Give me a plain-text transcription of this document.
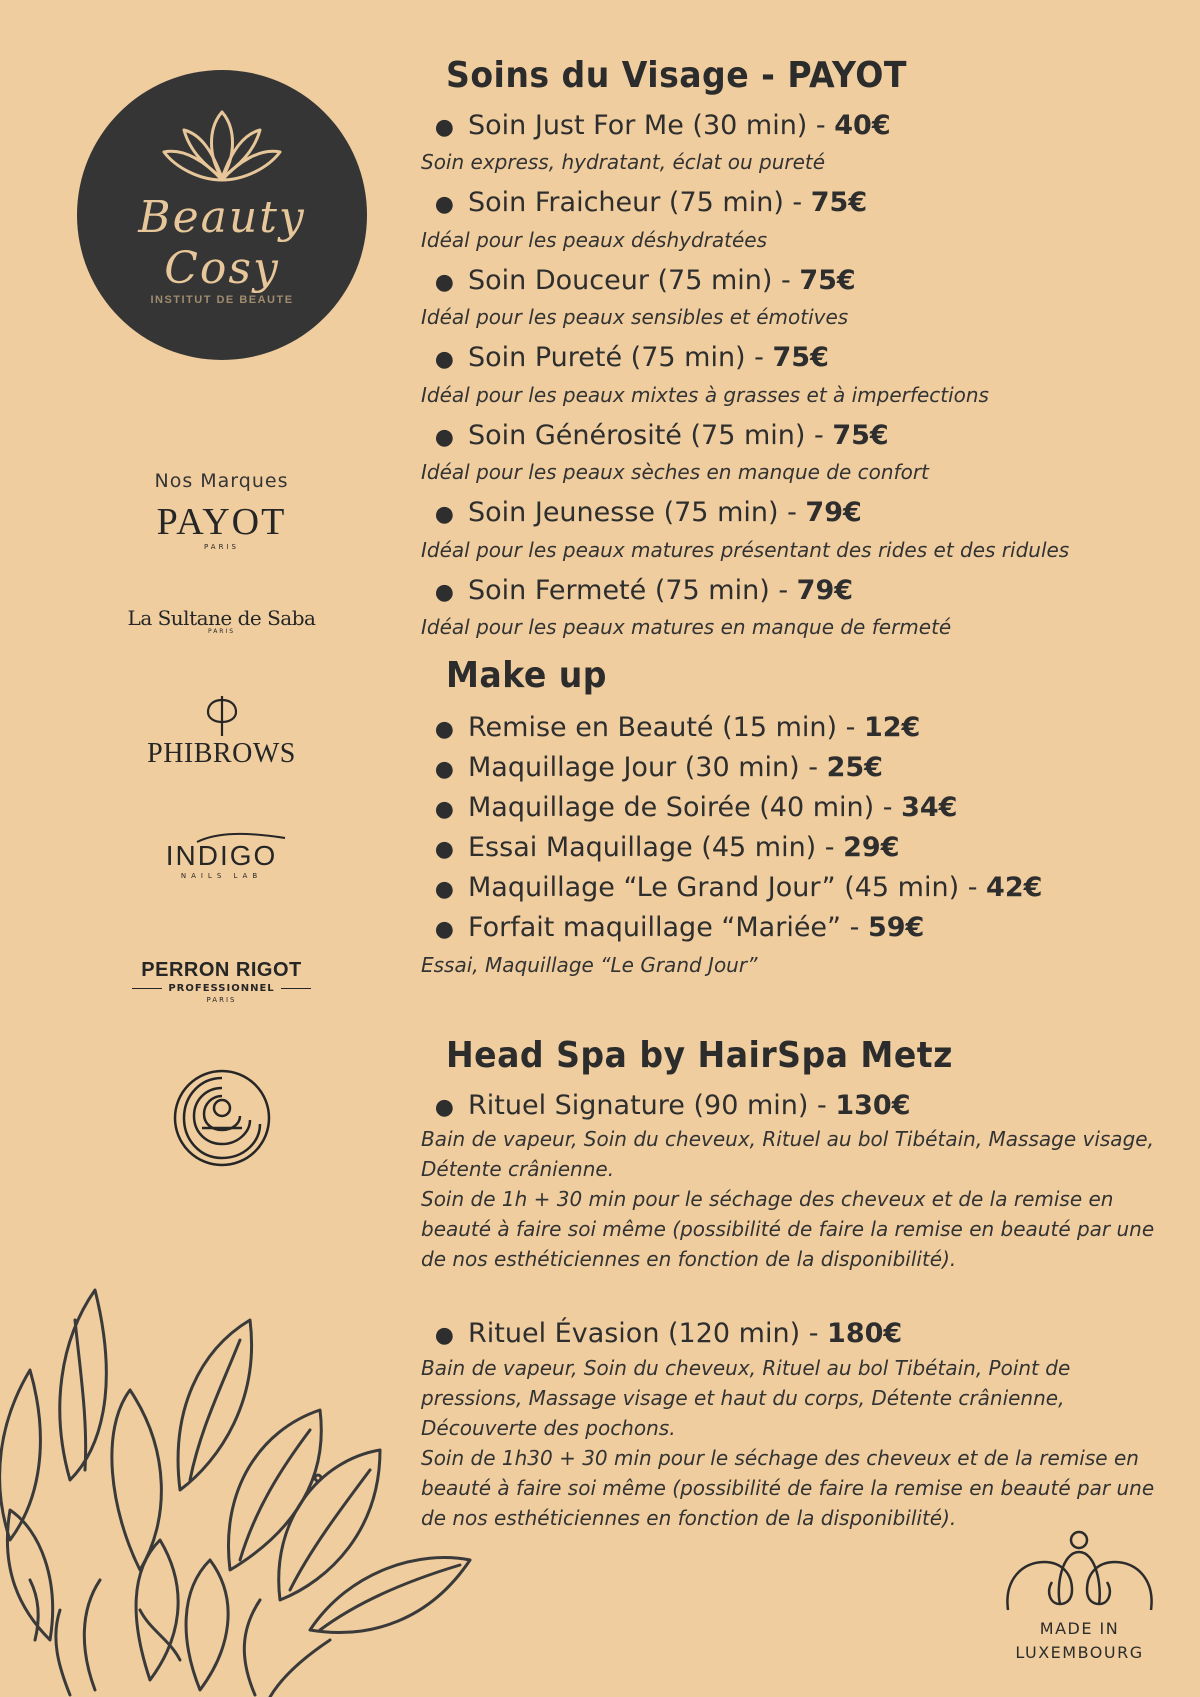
Beauty Cosy
INSTITUT DE BEAUTE
Nos Marques
PAYOT
PARIS
La Sultane de Saba
PARIS
PHIBROWS
INDIGO
NAILS LAB
PERRON RIGOT
PROFESSIONNEL
PARIS
Soins du Visage - PAYOT
● Soin Just For Me (30 min) - 40€
Soin express, hydratant, éclat ou pureté
● Soin Fraicheur (75 min) - 75€
Idéal pour les peaux déshydratées
● Soin Douceur (75 min) - 75€
Idéal pour les peaux sensibles et émotives
● Soin Pureté (75 min) - 75€
Idéal pour les peaux mixtes à grasses et à imperfections
● Soin Générosité (75 min) - 75€
Idéal pour les peaux sèches en manque de confort
● Soin Jeunesse (75 min) - 79€
Idéal pour les peaux matures présentant des rides et des ridules
● Soin Fermeté (75 min) - 79€
Idéal pour les peaux matures en manque de fermeté
Make up
● Remise en Beauté (15 min) - 12€
● Maquillage Jour (30 min) - 25€
● Maquillage de Soirée (40 min) - 34€
● Essai Maquillage (45 min) - 29€
● Maquillage “Le Grand Jour” (45 min) - 42€
● Forfait maquillage “Mariée” - 59€
Essai, Maquillage “Le Grand Jour”
Head Spa by HairSpa Metz
● Rituel Signature (90 min) - 130€
Bain de vapeur, Soin du cheveux, Rituel au bol Tibétain, Massage visage, Détente crânienne.
Soin de 1h + 30 min pour le séchage des cheveux et de la remise en beauté à faire soi même (possibilité de faire la remise en beauté par une de nos esthéticiennes en fonction de la disponibilité).
● Rituel Évasion (120 min) - 180€
Bain de vapeur, Soin du cheveux, Rituel au bol Tibétain, Point de pressions, Massage visage et haut du corps, Détente crânienne, Découverte des pochons.
Soin de 1h30 + 30 min pour le séchage des cheveux et de la remise en beauté à faire soi même (possibilité de faire la remise en beauté par une de nos esthéticiennes en fonction de la disponibilité).
MADE IN
LUXEMBOURG
